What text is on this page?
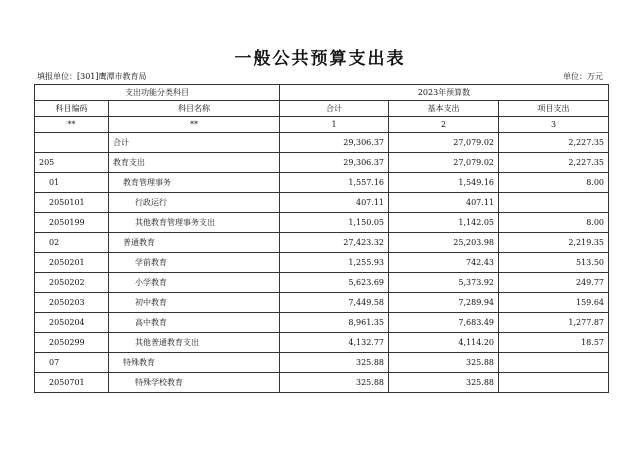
一般公共预算支出表
填报单位：[301]鹰潭市教育局	单位：万元
支出功能分类科目		2023年预算数		
科目编码	科目名称	合计	基本支出	项目支出
**	**	1	2	3
	合计	29,306.37	27,079.02	2,227.35
205	教育支出	29,306.37	27,079.02	2,227.35
01	教育管理事务	1,557.16	1,549.16	8.00
2050101	行政运行	407.11	407.11	
2050199	其他教育管理事务支出	1,150.05	1,142.05	8.00
02	普通教育	27,423.32	25,203.98	2,219.35
2050201	学前教育	1,255.93	742.43	513.50
2050202	小学教育	5,623.69	5,373.92	249.77
2050203	初中教育	7,449.58	7,289.94	159.64
2050204	高中教育	8,961.35	7,683.49	1,277.87
2050299	其他普通教育支出	4,132.77	4,114.20	18.57
07	特殊教育	325.88	325.88	
2050701	特殊学校教育	325.88	325.88	
